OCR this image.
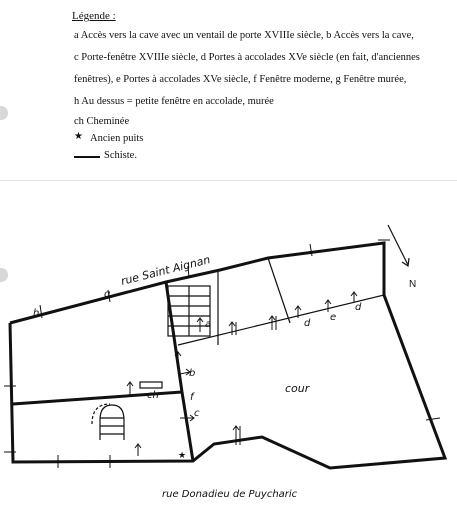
Légende :
a Accès vers la cave avec un ventail de porte XVIIIe siècle, b Accès vers la cave,
c Porte-fenêtre XVIIIe siècle, d Portes à accolades XVe siècle (en fait, d'anciennes
fenêtres), e Portes à accolades XVe siècle, f Fenêtre moderne, g Fenêtre murée,
h Au dessus = petite fenêtre en accolade, murée
ch Cheminée
★ Ancien puits
Schiste.
★
a
b
c
d
e
d
f
g
h
ch
rue Saint Aignan
cour
N
rue Donadieu de Puycharic
